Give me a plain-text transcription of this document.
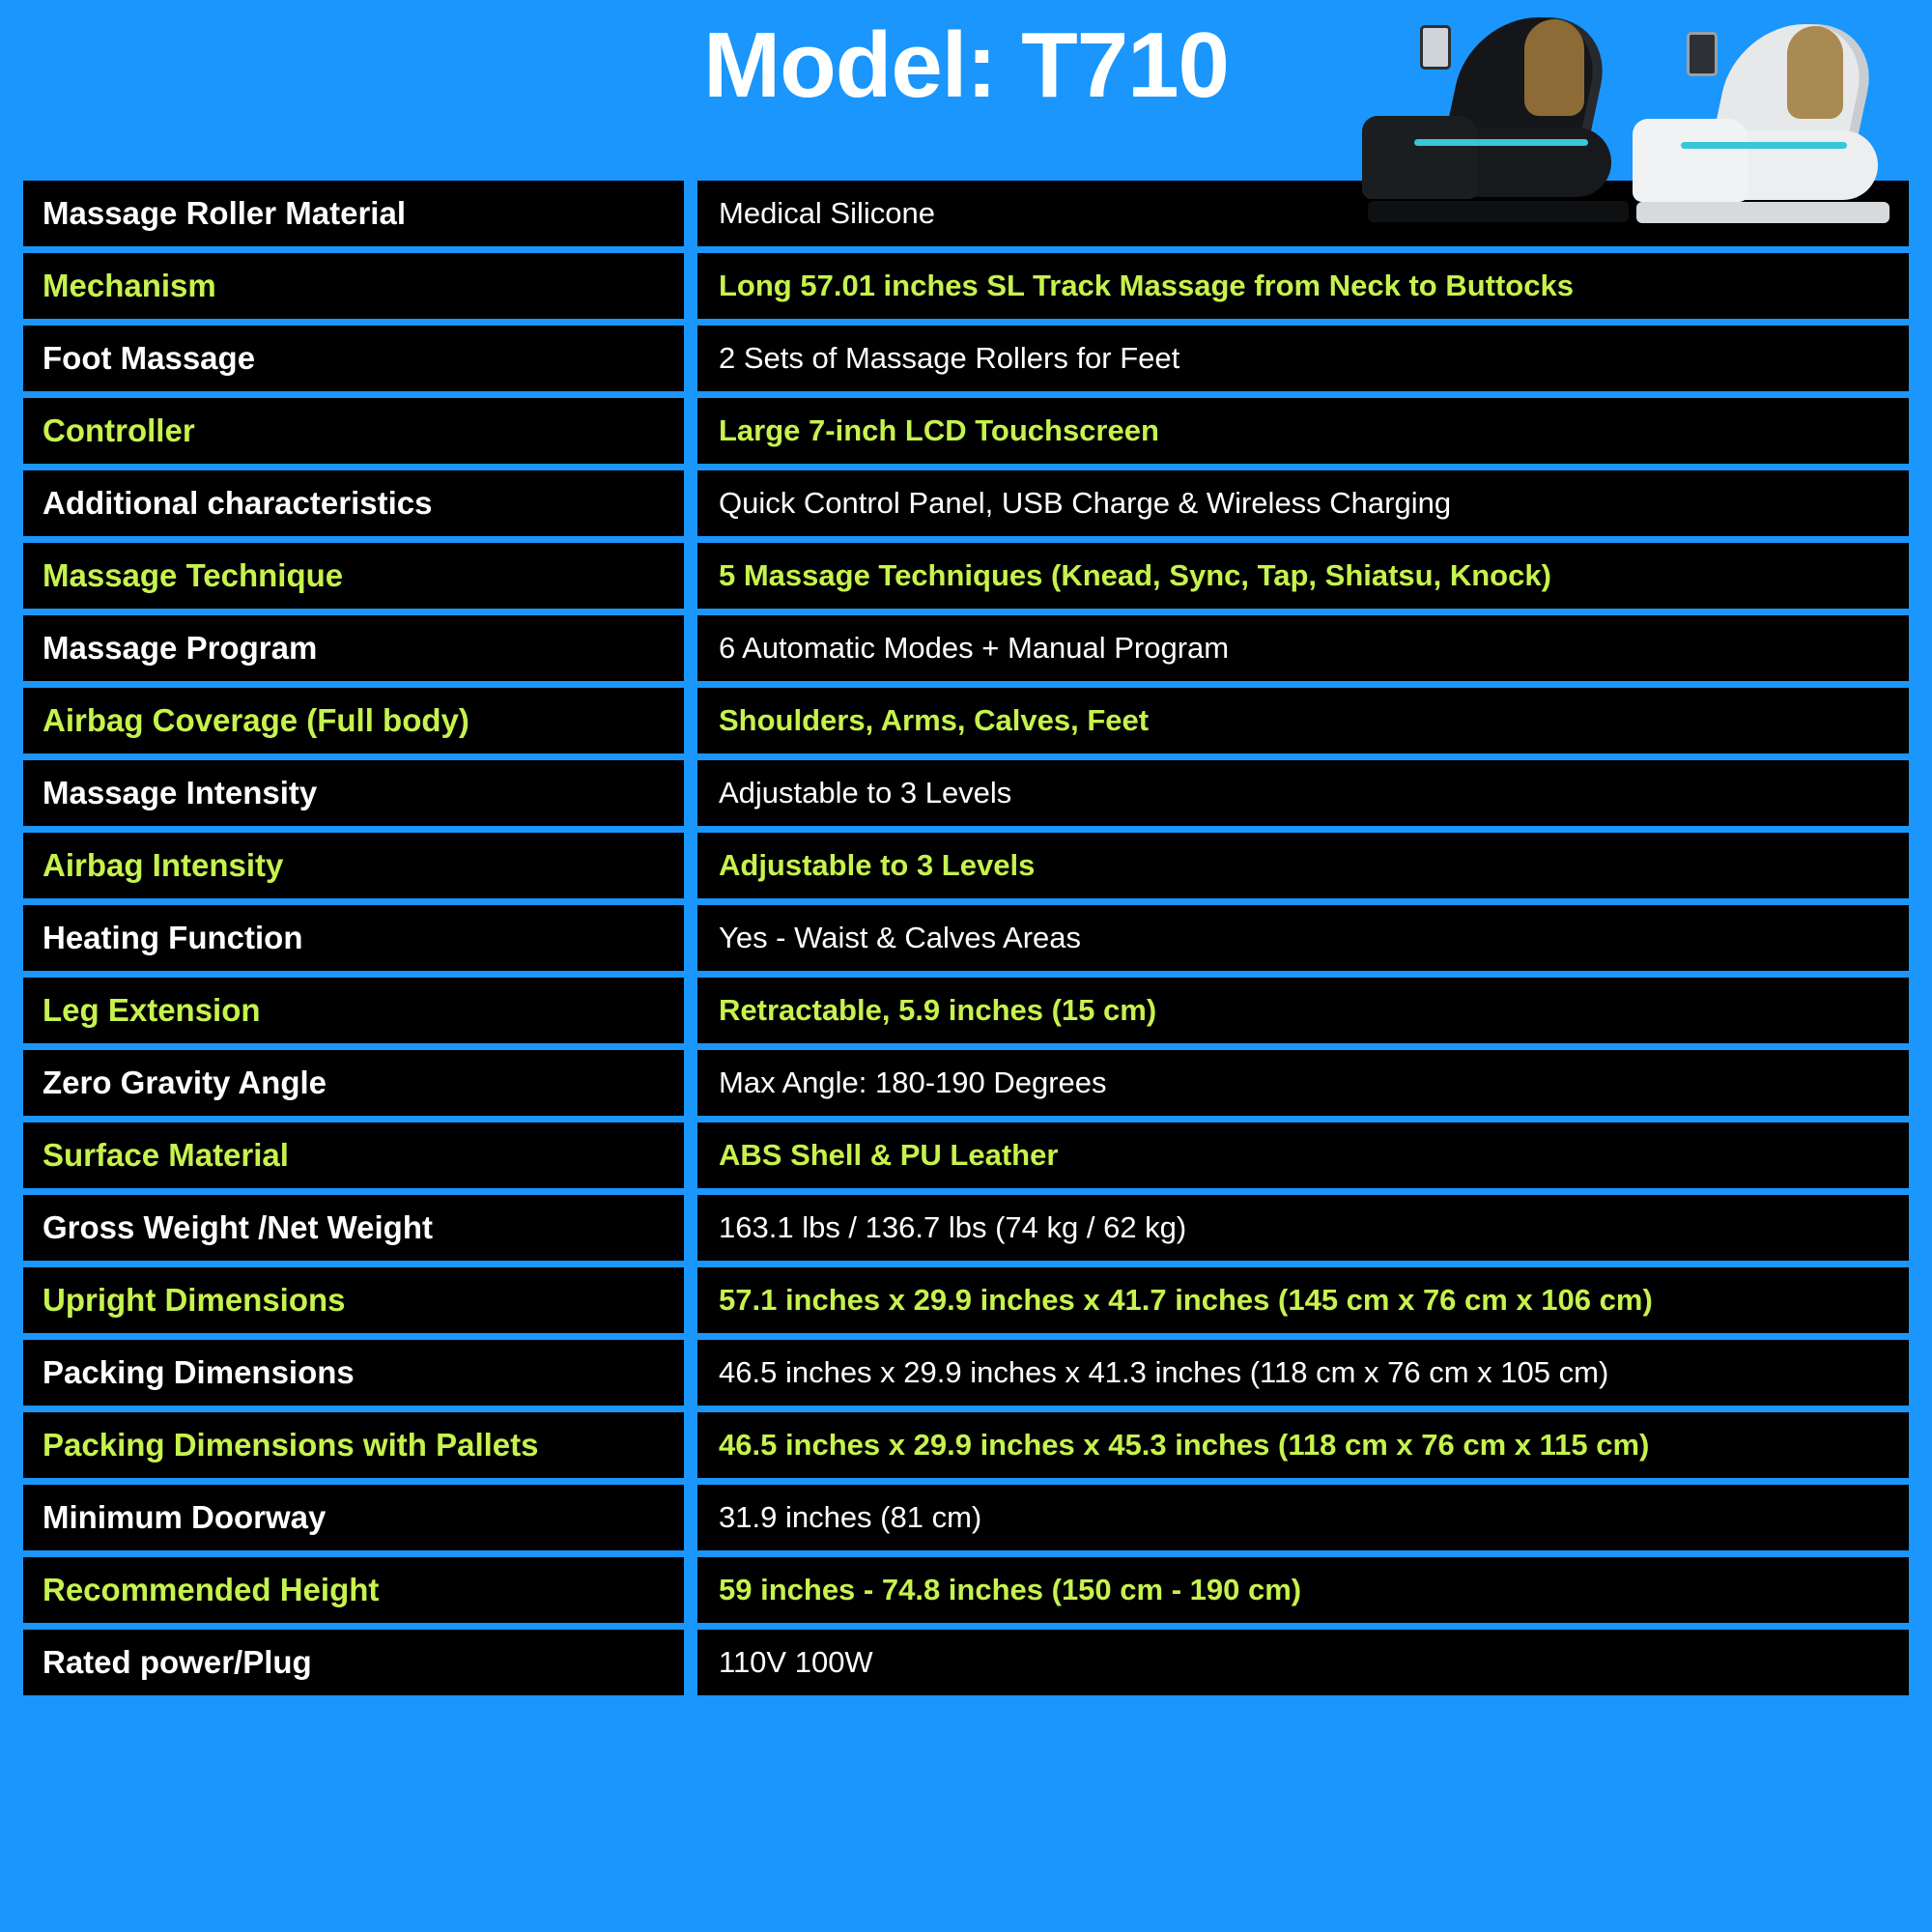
Model: T710
Massage Roller Material		Medical Silicone
Mechanism		Long 57.01 inches SL Track Massage from Neck to Buttocks
Foot Massage		2 Sets of Massage Rollers for Feet
Controller		Large 7-inch LCD Touchscreen
Additional characteristics		Quick Control Panel, USB Charge & Wireless Charging
Massage Technique		5 Massage Techniques (Knead, Sync, Tap, Shiatsu, Knock)
Massage Program		6 Automatic Modes + Manual Program
Airbag Coverage (Full body)		Shoulders, Arms, Calves, Feet
Massage Intensity		Adjustable to 3 Levels
Airbag Intensity		Adjustable to 3 Levels
Heating Function		Yes - Waist & Calves Areas
Leg Extension		Retractable, 5.9 inches (15 cm)
Zero Gravity Angle		Max Angle: 180-190 Degrees
Surface Material		ABS Shell & PU Leather
Gross Weight /Net Weight		163.1 lbs / 136.7 lbs (74 kg / 62 kg)
Upright Dimensions		57.1 inches x 29.9 inches x 41.7 inches (145 cm x 76 cm x 106 cm)
Packing Dimensions		46.5 inches x 29.9 inches x 41.3 inches (118 cm x 76 cm x 105 cm)
Packing Dimensions with Pallets		46.5 inches x 29.9 inches x 45.3 inches (118 cm x 76 cm x 115 cm)
Minimum Doorway		31.9 inches (81 cm)
Recommended Height		59 inches - 74.8 inches (150 cm - 190 cm)
Rated power/Plug		110V 100W
